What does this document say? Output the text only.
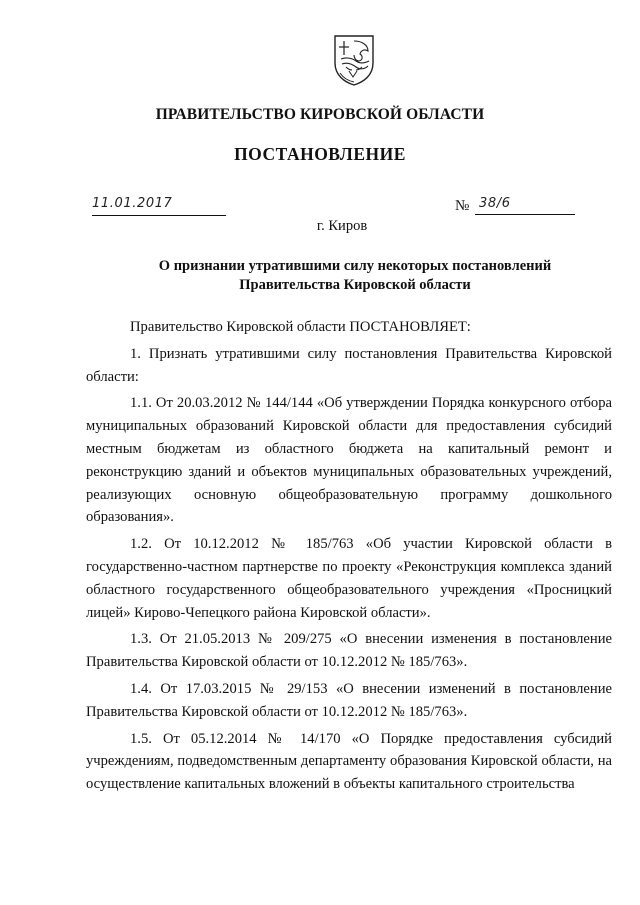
ПРАВИТЕЛЬСТВО КИРОВСКОЙ ОБЛАСТИ
ПОСТАНОВЛЕНИЕ
11.01.2017	№ 38/6
г. Киров
О признании утратившими силу некоторых постановлений
Правительства Кировской области

Правительство Кировской области ПОСТАНОВЛЯЕТ:

1. Признать утратившими силу постановления Правительства Кировской области:

1.1. От 20.03.2012 № 144/144 «Об утверждении Порядка конкурсного отбора муниципальных образований Кировской области для предоставления субсидий местным бюджетам из областного бюджета на капитальный ремонт и реконструкцию зданий и объектов муниципальных образовательных учреждений, реализующих основную общеобразовательную программу дошкольного образования».

1.2. От 10.12.2012 № 185/763 «Об участии Кировской области в государственно-частном партнерстве по проекту «Реконструкция комплекса зданий областного государственного общеобразовательного учреждения «Просницкий лицей» Кирово-Чепецкого района Кировской области».

1.3. От 21.05.2013 № 209/275 «О внесении изменения в постановление Правительства Кировской области от 10.12.2012 № 185/763».

1.4. От 17.03.2015 № 29/153 «О внесении изменений в постановление Правительства Кировской области от 10.12.2012 № 185/763».

1.5. От 05.12.2014 № 14/170 «О Порядке предоставления субсидий учреждениям, подведомственным департаменту образования Кировской области, на осуществление капитальных вложений в объекты капитального строительства
